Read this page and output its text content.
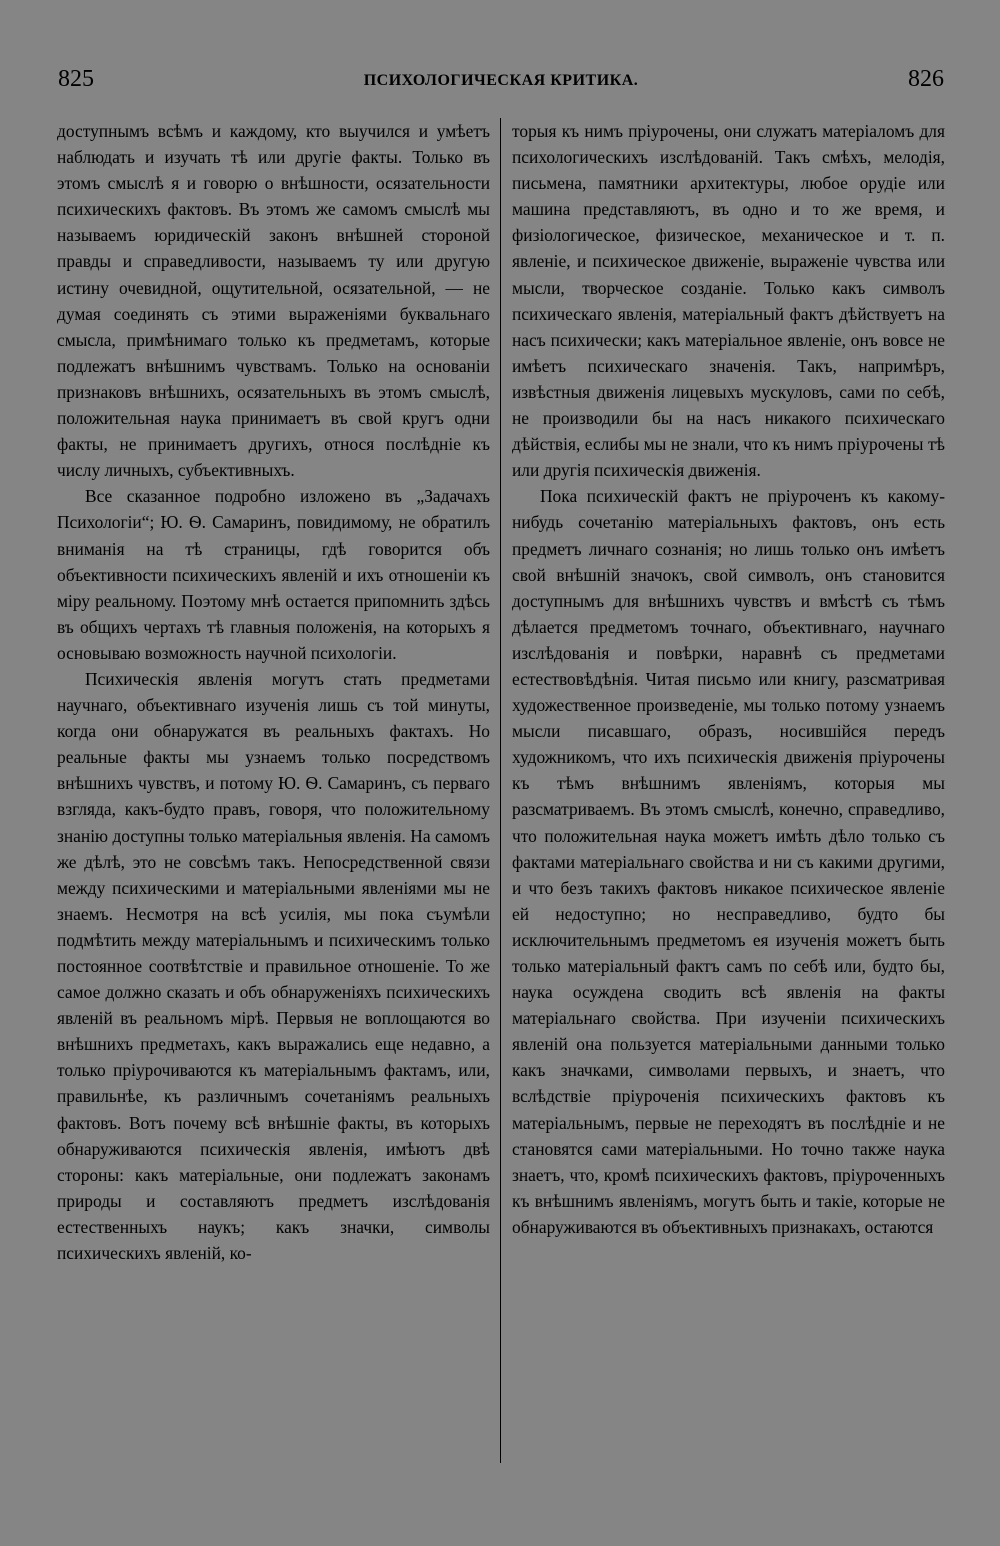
825	ПСИХОЛОГИЧЕСКАЯ КРИТИКА.	826

доступнымъ всѣмъ и каждому, кто выучился и умѣетъ наблюдать и изучать тѣ или другіе факты. Только въ этомъ смыслѣ я и говорю о внѣшности, осязательности психическихъ фактовъ. Въ этомъ же самомъ смыслѣ мы называемъ юридическій законъ внѣшней стороной правды и справедливости, называемъ ту или другую истину очевидной, ощутительной, осязательной, — не думая соединять съ этими выраженіями буквальнаго смысла, примѣнимаго только къ предметамъ, которые подлежатъ внѣшнимъ чувствамъ. Только на основаніи признаковъ внѣшнихъ, осязательныхъ въ этомъ смыслѣ, положительная наука принимаетъ въ свой кругъ одни факты, не принимаетъ другихъ, относя послѣдніе къ числу личныхъ, субъективныхъ.

Все сказанное подробно изложено въ „Задачахъ Психологіи“; Ю. Ѳ. Самаринъ, повидимому, не обратилъ вниманія на тѣ страницы, гдѣ говорится объ объективности психическихъ явленій и ихъ отношеніи къ міру реальному. Поэтому мнѣ остается припомнить здѣсь въ общихъ чертахъ тѣ главныя положенія, на которыхъ я основываю возможность научной психологіи.

Психическія явленія могутъ стать предметами научнаго, объективнаго изученія лишь съ той минуты, когда они обнаружатся въ реальныхъ фактахъ. Но реальные факты мы узнаемъ только посредствомъ внѣшнихъ чувствъ, и потому Ю. Ѳ. Самаринъ, съ перваго взгляда, какъ-будто правъ, говоря, что положительному знанію доступны только матеріальныя явленія. На самомъ же дѣлѣ, это не совсѣмъ такъ. Непосредственной связи между психическими и матеріальными явленіями мы не знаемъ. Несмотря на всѣ усилія, мы пока съумѣли подмѣтить между матеріальнымъ и психическимъ только постоянное соотвѣтствіе и правильное отношеніе. То же самое должно сказать и объ обнаруженіяхъ психическихъ явленій въ реальномъ мірѣ. Первыя не воплощаются во внѣшнихъ предметахъ, какъ выражались еще недавно, а только пріурочиваются къ матеріальнымъ фактамъ, или, правильнѣе, къ различнымъ сочетаніямъ реальныхъ фактовъ. Вотъ почему всѣ внѣшніе факты, въ которыхъ обнаруживаются психическія явленія, имѣютъ двѣ стороны: какъ матеріальные, они подлежатъ законамъ природы и составляютъ предметъ изслѣдованія естественныхъ наукъ; какъ значки, символы психическихъ явленій, ко-

торыя къ нимъ пріурочены, они служатъ матеріаломъ для психологическихъ изслѣдованій. Такъ смѣхъ, мелодія, письмена, памятники архитектуры, любое орудіе или машина представляютъ, въ одно и то же время, и физіологическое, физическое, механическое и т. п. явленіе, и психическое движеніе, выраженіе чувства или мысли, творческое созданіе. Только какъ символъ психическаго явленія, матеріальный фактъ дѣйствуетъ на насъ психически; какъ матеріальное явленіе, онъ вовсе не имѣетъ психическаго значенія. Такъ, напримѣръ, извѣстныя движенія лицевыхъ мускуловъ, сами по себѣ, не производили бы на насъ никакого психическаго дѣйствія, еслибы мы не знали, что къ нимъ пріурочены тѣ или другія психическія движенія.

Пока психическій фактъ не пріуроченъ къ какому-нибудь сочетанію матеріальныхъ фактовъ, онъ есть предметъ личнаго сознанія; но лишь только онъ имѣетъ свой внѣшній значокъ, свой символъ, онъ становится доступнымъ для внѣшнихъ чувствъ и вмѣстѣ съ тѣмъ дѣлается предметомъ точнаго, объективнаго, научнаго изслѣдованія и повѣрки, наравнѣ съ предметами естествовѣдѣнія. Читая письмо или книгу, разсматривая художественное произведеніе, мы только потому узнаемъ мысли писавшаго, образъ, носившійся передъ художникомъ, что ихъ психическія движенія пріурочены къ тѣмъ внѣшнимъ явленіямъ, которыя мы разсматриваемъ. Въ этомъ смыслѣ, конечно, справедливо, что положительная наука можетъ имѣть дѣло только съ фактами матеріальнаго свойства и ни съ какими другими, и что безъ такихъ фактовъ никакое психическое явленіе ей недоступно; но несправедливо, будто бы исключительнымъ предметомъ ея изученія можетъ быть только матеріальный фактъ самъ по себѣ или, будто бы, наука осуждена сводить всѣ явленія на факты матеріальнаго свойства. При изученіи психическихъ явленій она пользуется матеріальными данными только какъ значками, символами первыхъ, и знаетъ, что вслѣдствіе пріуроченія психическихъ фактовъ къ матеріальнымъ, первые не переходятъ въ послѣдніе и не становятся сами матеріальными. Но точно также наука знаетъ, что, кромѣ психическихъ фактовъ, пріуроченныхъ къ внѣшнимъ явленіямъ, могутъ быть и такіе, которые не обнаруживаются въ объективныхъ признакахъ, остаются
